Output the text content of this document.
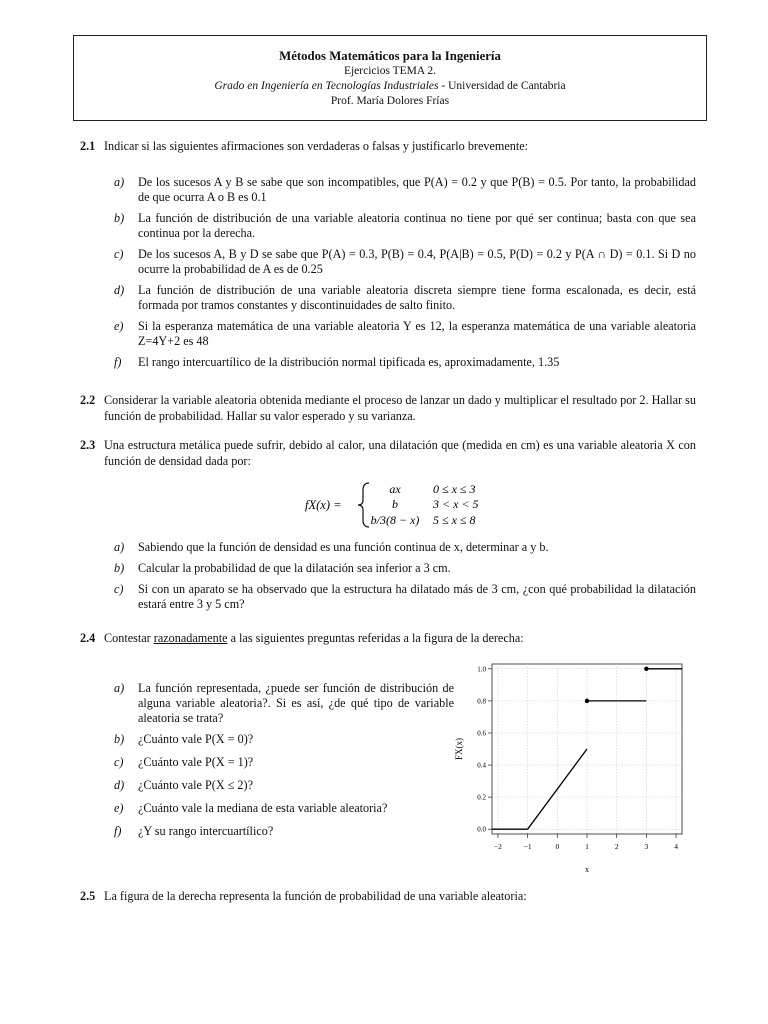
Métodos Matemáticos para la Ingeniería
Ejercicios TEMA 2.
Grado en Ingeniería en Tecnologías Industriales - Universidad de Cantabria
Prof. María Dolores Frías
2.1 Indicar si las siguientes afirmaciones son verdaderas o falsas y justificarlo brevemente:
a) De los sucesos A y B se sabe que son incompatibles, que P(A) = 0.2 y que P(B) = 0.5. Por tanto, la probabilidad de que ocurra A o B es 0.1
b) La función de distribución de una variable aleatoria continua no tiene por qué ser continua; basta con que sea continua por la derecha.
c) De los sucesos A, B y D se sabe que P(A) = 0.3, P(B) = 0.4, P(A|B) = 0.5, P(D) = 0.2 y P(A ∩ D) = 0.1. Si D no ocurre la probabilidad de A es de 0.25
d) La función de distribución de una variable aleatoria discreta siempre tiene forma escalonada, es decir, está formada por tramos constantes y discontinuidades de salto finito.
e) Si la esperanza matemática de una variable aleatoria Y es 12, la esperanza matemática de una variable aleatoria Z=4Y+2 es 48
f) El rango intercuartílico de la distribución normal tipificada es, aproximadamente, 1.35
2.2 Considerar la variable aleatoria obtenida mediante el proceso de lanzar un dado y multiplicar el resultado por 2. Hallar su función de probabilidad. Hallar su valor esperado y su varianza.
2.3 Una estructura metálica puede sufrir, debido al calor, una dilatación que (medida en cm) es una variable aleatoria X con función de densidad dada por:
fX(x) =
ax	0 ≤ x ≤ 3
b	3 < x < 5
b/3(8 − x) 5 ≤ x ≤ 8
a) Sabiendo que la función de densidad es una función continua de x, determinar a y b.
b) Calcular la probabilidad de que la dilatación sea inferior a 3 cm.
c) Si con un aparato se ha observado que la estructura ha dilatado más de 3 cm, ¿con qué probabilidad la dilatación estará entre 3 y 5 cm?
2.4 Contestar razonadamente a las siguientes preguntas referidas a la figura de la derecha:
a) La función representada, ¿puede ser función de distribución de alguna variable aleatoria?. Si es así, ¿de qué tipo de variable aleatoria se trata?
b) ¿Cuánto vale P(X = 0)?
c) ¿Cuánto vale P(X = 1)?
d) ¿Cuánto vale P(X ≤ 2)?
e) ¿Cuánto vale la mediana de esta variable aleatoria?
f) ¿Y su rango intercuartílico?
−2	−1	0	1	2	3	4
0.0
0.2
0.4
0.6
0.8
1.0
x
FX(x)
2.5 La figura de la derecha representa la función de probabilidad de una variable aleatoria:
